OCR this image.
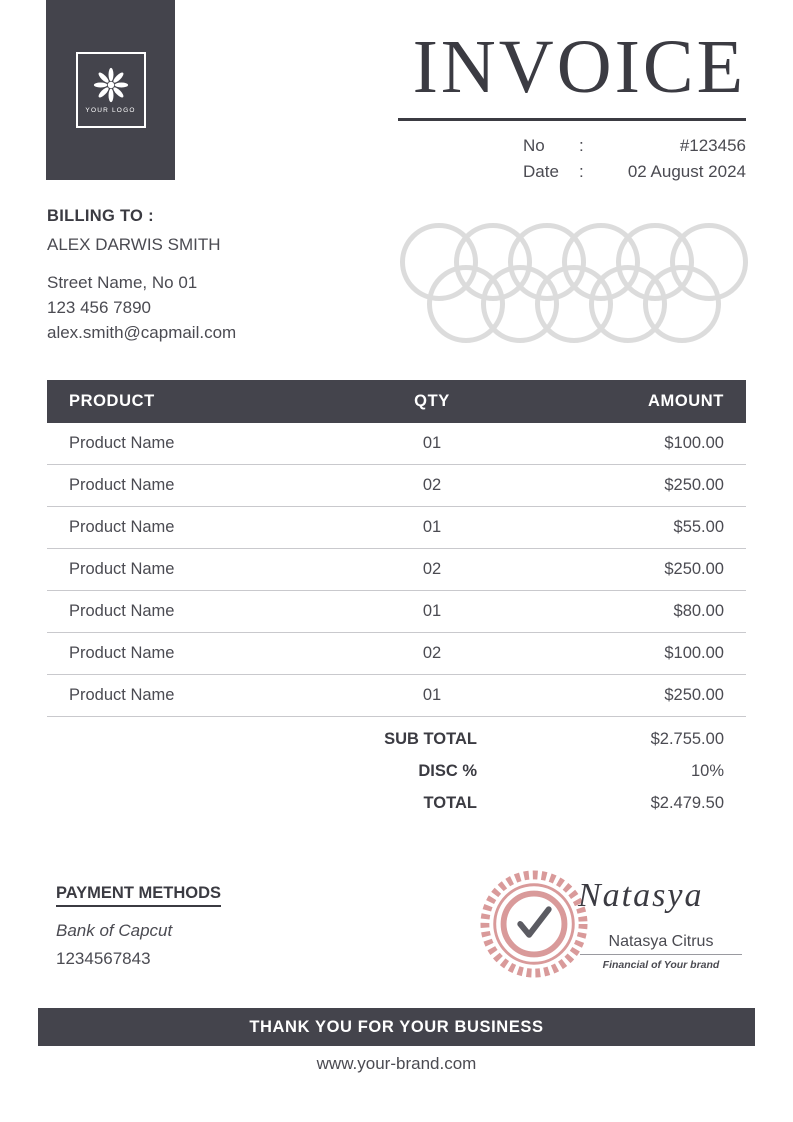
YOUR LOGO
INVOICE
No	:	#123456
Date	:	02 August 2024
BILLING TO :
ALEX DARWIS SMITH
Street Name, No 01
123 456 7890
alex.smith@capmail.com
PRODUCT	QTY	AMOUNT
Product Name	01	$100.00
Product Name	02	$250.00
Product Name	01	$55.00
Product Name	02	$250.00
Product Name	01	$80.00
Product Name	02	$100.00
Product Name	01	$250.00
SUB TOTAL	$2.755.00
DISC %	10%
TOTAL	$2.479.50
PAYMENT METHODS
Bank of Capcut
1234567843
Natasya
Natasya Citrus
Financial of Your brand
THANK YOU FOR YOUR BUSINESS
www.your-brand.com
